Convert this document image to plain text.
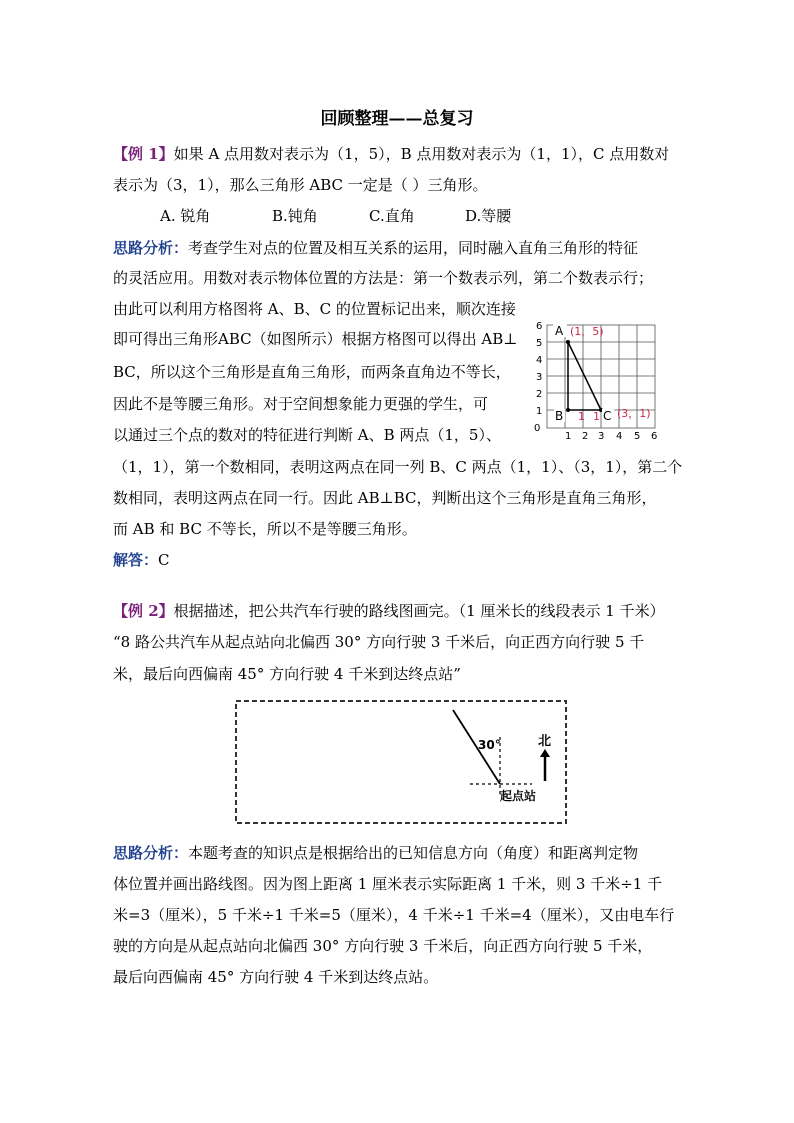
回顾整理——总复习
【例 1】如果 A 点用数对表示为（1，5），B 点用数对表示为（1，1），C 点用数对
表示为（3，1），那么三角形 ABC 一定是（ ）三角形。
A. 锐角	B.钝角	C.直角	D.等腰
思路分析：考查学生对点的位置及相互关系的运用，同时融入直角三角形的特征
的灵活应用。用数对表示物体位置的方法是：第一个数表示列，第二个数表示行；
由此可以利用方格图将 A、B、C 的位置标记出来，顺次连接
即可得出三角形ABC（如图所示）根据方格图可以得出 AB⊥
BC，所以这个三角形是直角三角形，而两条直角边不等长，
因此不是等腰三角形。对于空间想象能力更强的学生，可
以通过三个点的数对的特征进行判断 A、B 两点（1，5）、
（1，1），第一个数相同，表明这两点在同一列 B、C 两点（1，1）、（3，1），第二个
数相同，表明这两点在同一行。因此 AB⊥BC，判断出这个三角形是直角三角形，
而 AB 和 BC 不等长，所以不是等腰三角形。
解答：C
A (1，5)
B 1 1 C (3，1)
0
1
2
3
4
5
6
1 2 3 4 5 6
【例 2】根据描述，把公共汽车行驶的路线图画完。（1 厘米长的线段表示 1 千米）
“8 路公共汽车从起点站向北偏西 30° 方向行驶 3 千米后，向正西方向行驶 5 千
米，最后向西偏南 45° 方向行驶 4 千米到达终点站”
30°	北
起点站
思路分析：本题考查的知识点是根据给出的已知信息方向（角度）和距离判定物
体位置并画出路线图。因为图上距离 1 厘米表示实际距离 1 千米，则 3 千米÷1 千
米=3（厘米），5 千米÷1 千米=5（厘米），4 千米÷1 千米=4（厘米），又由电车行
驶的方向是从起点站向北偏西 30° 方向行驶 3 千米后，向正西方向行驶 5 千米，
最后向西偏南 45° 方向行驶 4 千米到达终点站。
